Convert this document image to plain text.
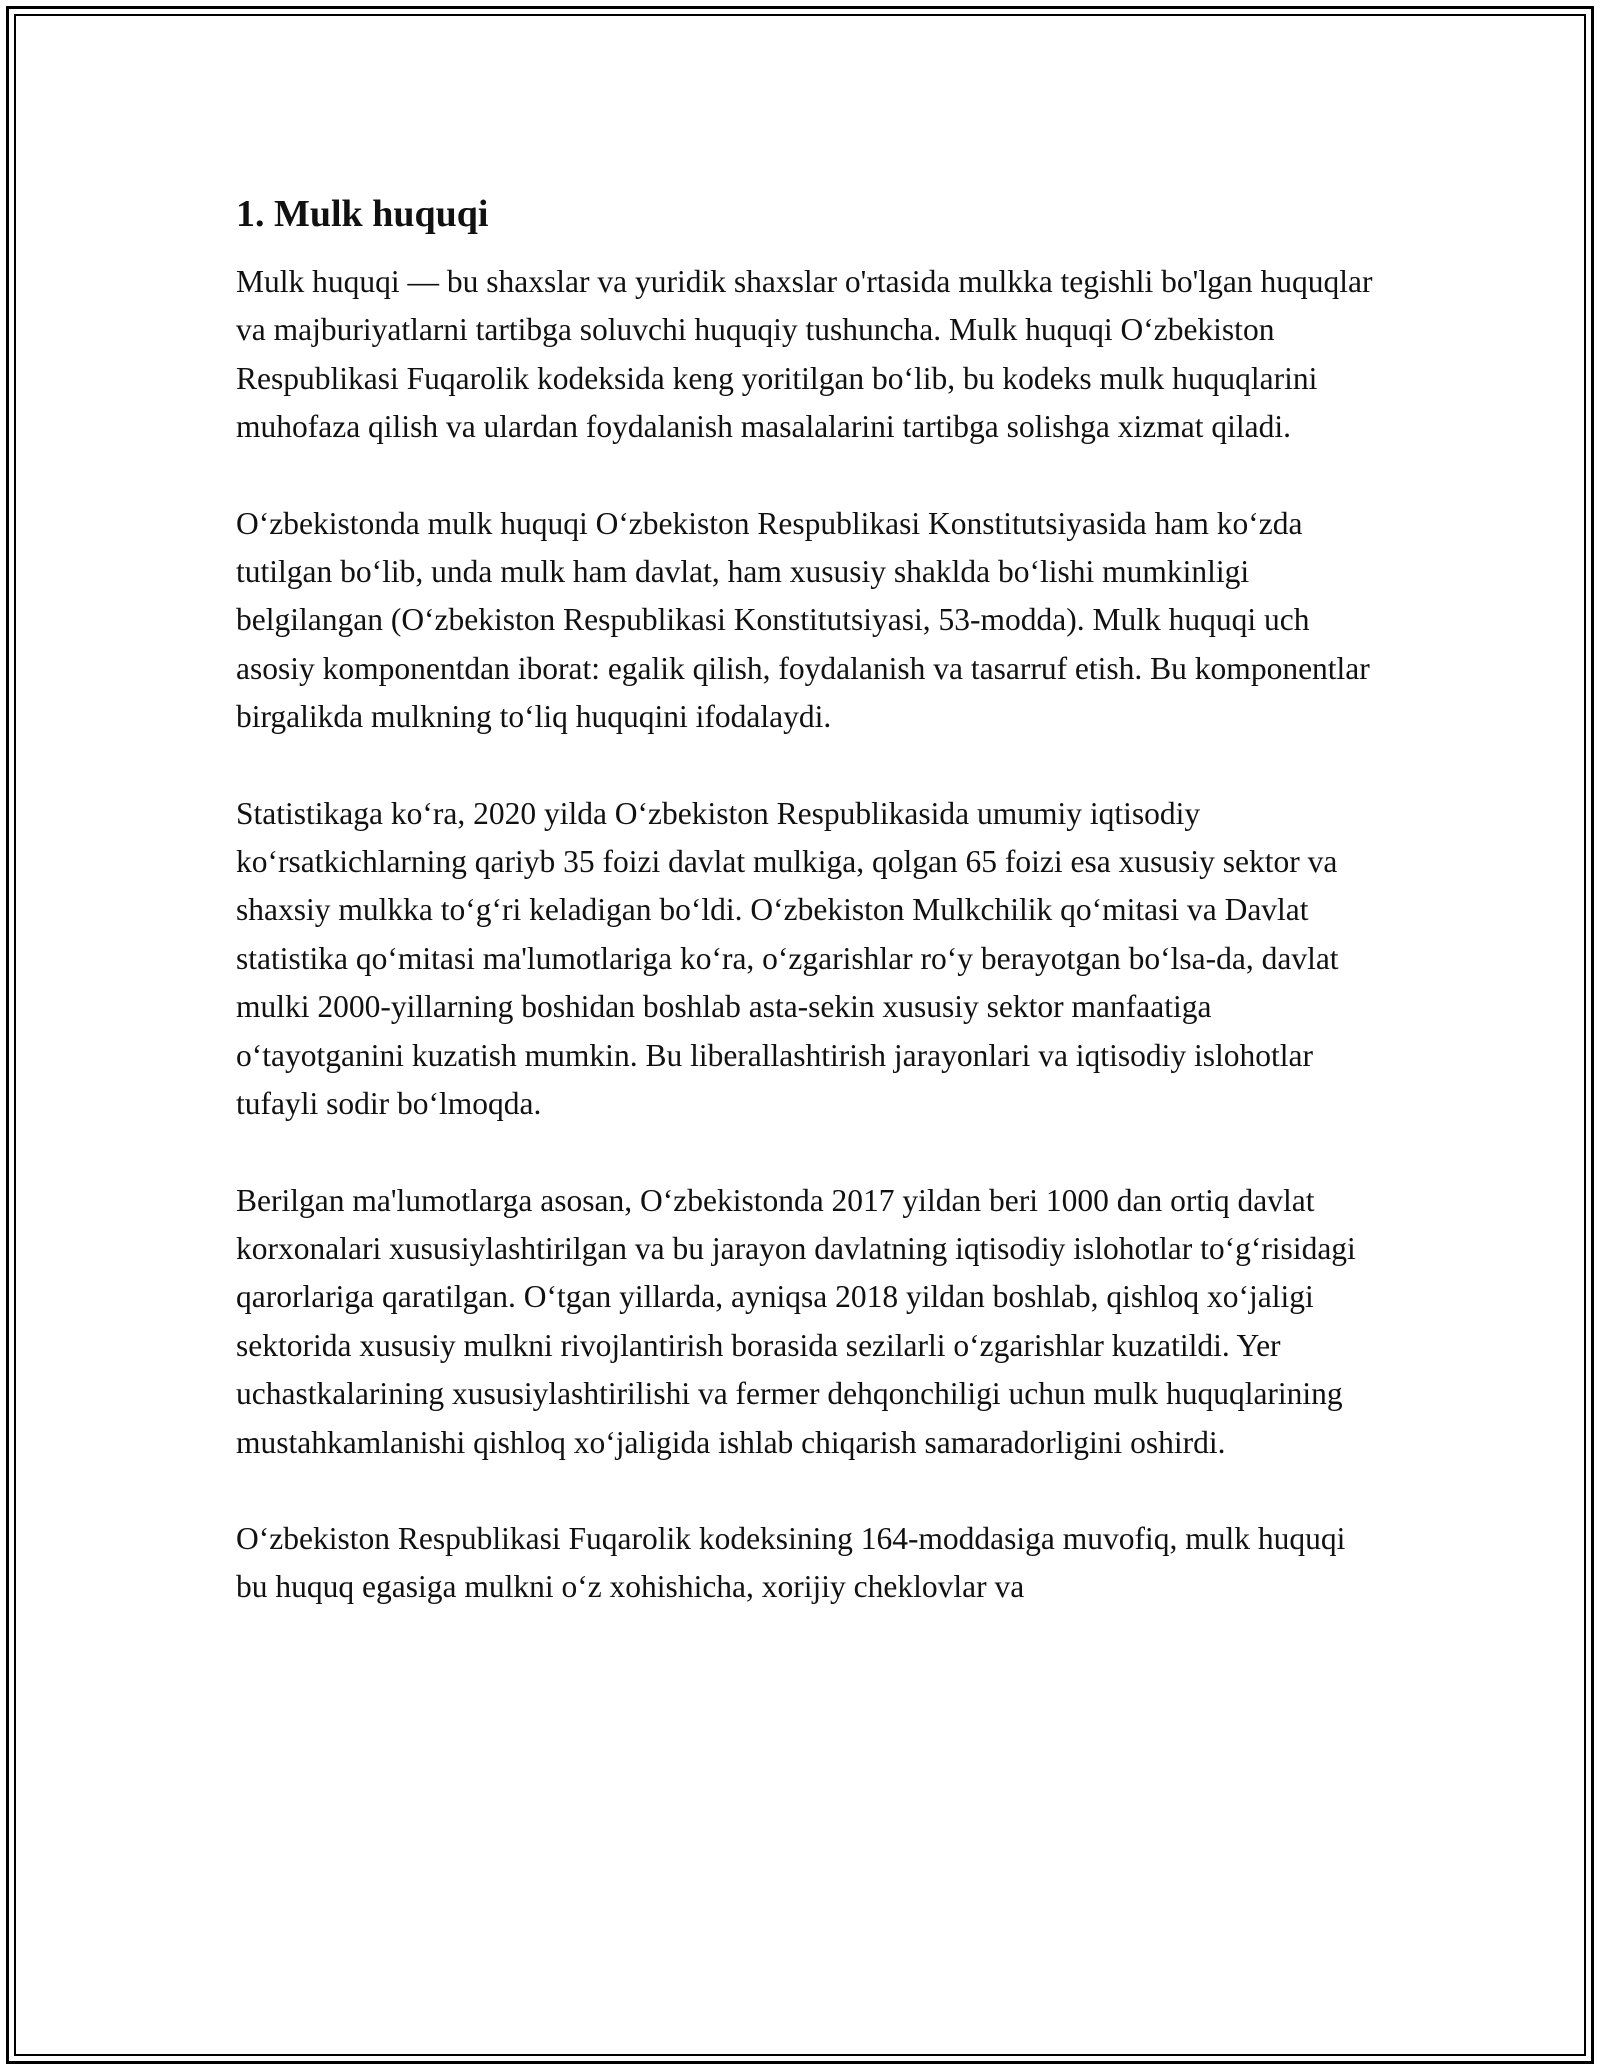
1. Mulk huquqi

Mulk huquqi — bu shaxslar va yuridik shaxslar o'rtasida mulkka tegishli bo'lgan huquqlar va majburiyatlarni tartibga soluvchi huquqiy tushuncha. Mulk huquqi Oʻzbekiston Respublikasi Fuqarolik kodeksida keng yoritilgan boʻlib, bu kodeks mulk huquqlarini muhofaza qilish va ulardan foydalanish masalalarini tartibga solishga xizmat qiladi.

Oʻzbekistonda mulk huquqi Oʻzbekiston Respublikasi Konstitutsiyasida ham koʻzda tutilgan boʻlib, unda mulk ham davlat, ham xususiy shaklda boʻlishi mumkinligi belgilangan (Oʻzbekiston Respublikasi Konstitutsiyasi, 53-modda). Mulk huquqi uch asosiy komponentdan iborat: egalik qilish, foydalanish va tasarruf etish. Bu komponentlar birgalikda mulkning toʻliq huquqini ifodalaydi.

Statistikaga koʻra, 2020 yilda Oʻzbekiston Respublikasida umumiy iqtisodiy koʻrsatkichlarning qariyb 35 foizi davlat mulkiga, qolgan 65 foizi esa xususiy sektor va shaxsiy mulkka toʻgʻri keladigan boʻldi. Oʻzbekiston Mulkchilik qoʻmitasi va Davlat statistika qoʻmitasi ma'lumotlariga koʻra, oʻzgarishlar roʻy berayotgan boʻlsa-da, davlat mulki 2000-yillarning boshidan boshlab asta-sekin xususiy sektor manfaatiga oʻtayotganini kuzatish mumkin. Bu liberallashtirish jarayonlari va iqtisodiy islohotlar tufayli sodir boʻlmoqda.

Berilgan ma'lumotlarga asosan, Oʻzbekistonda 2017 yildan beri 1000 dan ortiq davlat korxonalari xususiylashtirilgan va bu jarayon davlatning iqtisodiy islohotlar toʻgʻrisidagi qarorlariga qaratilgan. Oʻtgan yillarda, ayniqsa 2018 yildan boshlab, qishloq xoʻjaligi sektorida xususiy mulkni rivojlantirish borasida sezilarli oʻzgarishlar kuzatildi. Yer uchastkalarining xususiylashtirilishi va fermer dehqonchiligi uchun mulk huquqlarining mustahkamlanishi qishloq xoʻjaligida ishlab chiqarish samaradorligini oshirdi.

Oʻzbekiston Respublikasi Fuqarolik kodeksining 164-moddasiga muvofiq, mulk huquqi bu huquq egasiga mulkni oʻz xohishicha, xorijiy cheklovlar va
